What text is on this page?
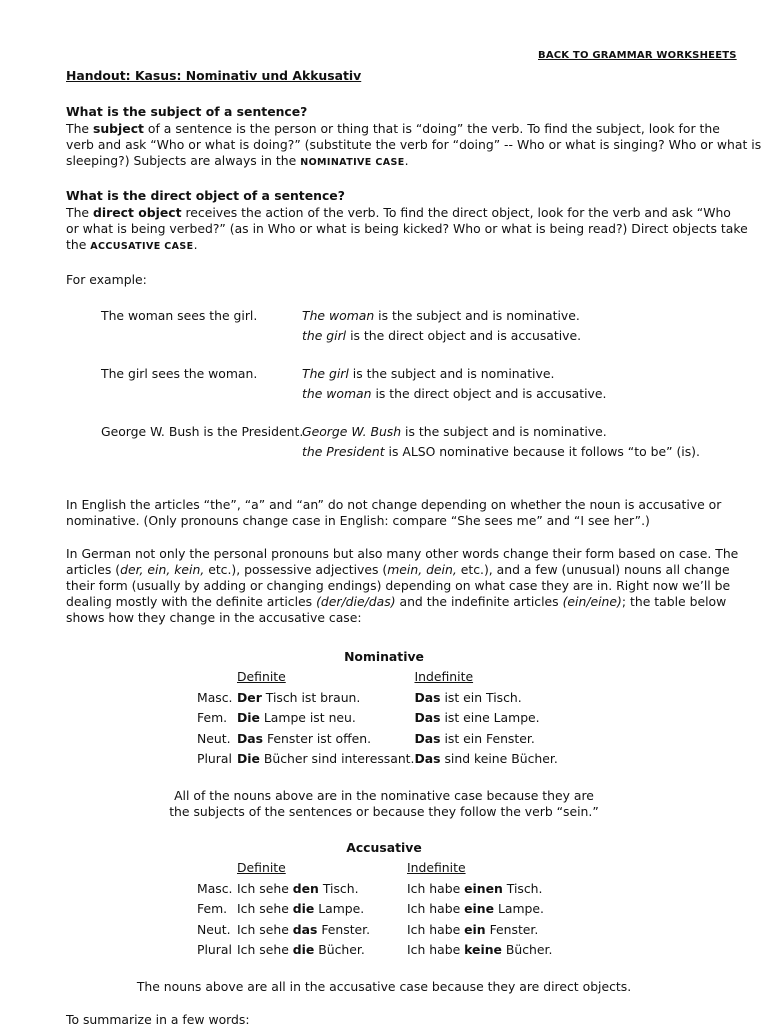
BACK TO GRAMMAR WORKSHEETS
Handout: Kasus: Nominativ und Akkusativ
What is the subject of a sentence?
The subject of a sentence is the person or thing that is “doing” the verb. To find the subject, look for the
verb and ask “Who or what is doing?” (substitute the verb for “doing” -- Who or what is singing? Who or what is
sleeping?) Subjects are always in the NOMINATIVE CASE.
What is the direct object of a sentence?
The direct object receives the action of the verb. To find the direct object, look for the verb and ask “Who
or what is being verbed?” (as in Who or what is being kicked? Who or what is being read?) Direct objects take
the ACCUSATIVE CASE.
For example:
The woman sees the girl.	The woman is the subject and is nominative.
the girl is the direct object and is accusative.
The girl sees the woman.	The girl is the subject and is nominative.
the woman is the direct object and is accusative.
George W. Bush is the President.
George W. Bush is the subject and is nominative.
the President is ALSO nominative because it follows “to be” (is).
In English the articles “the”, “a” and “an” do not change depending on whether the noun is accusative or
nominative. (Only pronouns change case in English: compare “She sees me” and “I see her”.)
In German not only the personal pronouns but also many other words change their form based on case. The
articles (der, ein, kein, etc.), possessive adjectives (mein, dein, etc.), and a few (unusual) nouns all change
their form (usually by adding or changing endings) depending on what case they are in. Right now we’ll be
dealing mostly with the definite articles (der/die/das) and the indefinite articles (ein/eine); the table below
shows how they change in the accusative case:
Nominative
	Definite	Indefinite
Masc.	Der Tisch ist braun.	Das ist ein Tisch.
Fem.	Die Lampe ist neu.	Das ist eine Lampe.
Neut.	Das Fenster ist offen.	Das ist ein Fenster.
Plural	Die Bücher sind interessant.	Das sind keine Bücher.
All of the nouns above are in the nominative case because they are
the subjects of the sentences or because they follow the verb “sein.”
Accusative
	Definite	Indefinite
Masc.	Ich sehe den Tisch.	Ich habe einen Tisch.
Fem.	Ich sehe die Lampe.	Ich habe eine Lampe.
Neut.	Ich sehe das Fenster.	Ich habe ein Fenster.
Plural	Ich sehe die Bücher.	Ich habe keine Bücher.
The nouns above are all in the accusative case because they are direct objects.
To summarize in a few words:
